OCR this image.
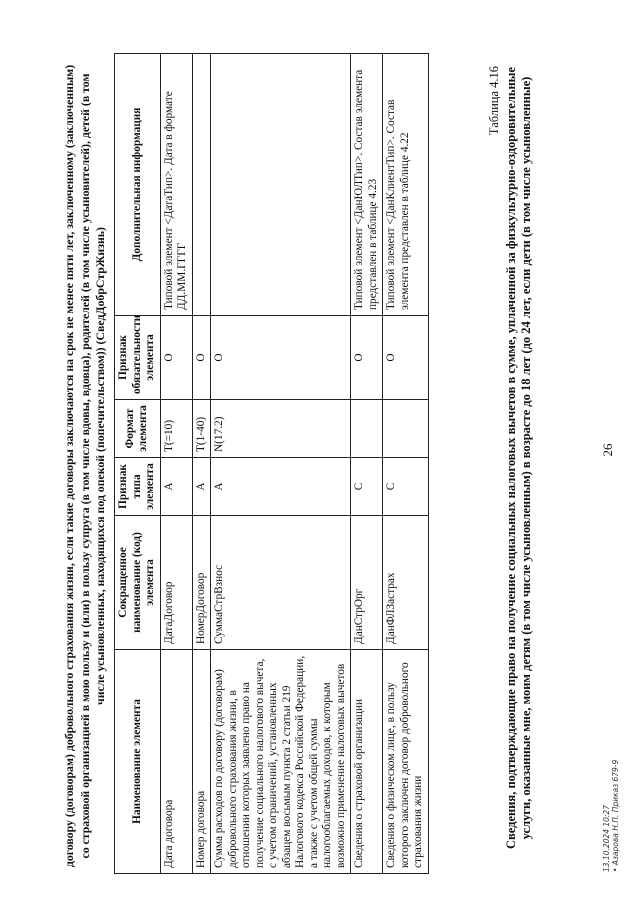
26
договору (договорам) добровольного страхования жизни, если такие договоры заключаются на срок не менее пяти лет, заключенному (заключенным) со страховой организацией в мою пользу и (или) в пользу супруга (в том числе вдовы, вдовца), родителей (в том числе усыновителей), детей (в том числе усыновленных, находящихся под опекой (попечительством)) (СведДобрСтрЖизнь)
Наименование элемента	Сокращенное наименование (код) элемента	Признак типа элемента	Формат элемента	Признак обязательности элемента	Дополнительная информация
Дата договора	ДатаДоговор	А	T(=10)	О	Типовой элемент <ДатаТип>. Дата в формате ДД.ММ.ГГГГ
Номер договора	НомерДоговор	А	T(1-40)	О	
Сумма расходов по договору (договорам) добровольного страхования жизни, в отношении которых заявлено право на получение социального налогового вычета, с учетом ограничений, установленных абзацем восьмым пункта 2 статьи 219 Налогового кодекса Российской Федерации, а также с учетом общей суммы налогооблагаемых доходов, к которым возможно применение налоговых вычетов	СуммаСтрВзнос	А	N(17.2)	О	
Сведения о страховой организации	ДанСтрОрг	С		О	Типовой элемент <ДанЮЛТип>. Состав элемента представлен в таблице 4.23
Сведения о физическом лице, в пользу которого заключен договор добровольного страхования жизни	ДанФЛЗастрах	С		О	Типовой элемент <ДанКлиентТип>. Состав элемента представлен в таблице 4.22
Таблица 4.16 Сведения, подтверждающие право на получение социальных налоговых вычетов в сумме, уплаченной за физкультурно-оздоровительные услуги, оказанные мне, моим детям (в том числе усыновленным) в возрасте до 18 лет (до 24 лет, если дети (в том числе усыновленные)	13.10.2024 10:27 • Азарова Н.П. Приказ 679-9
